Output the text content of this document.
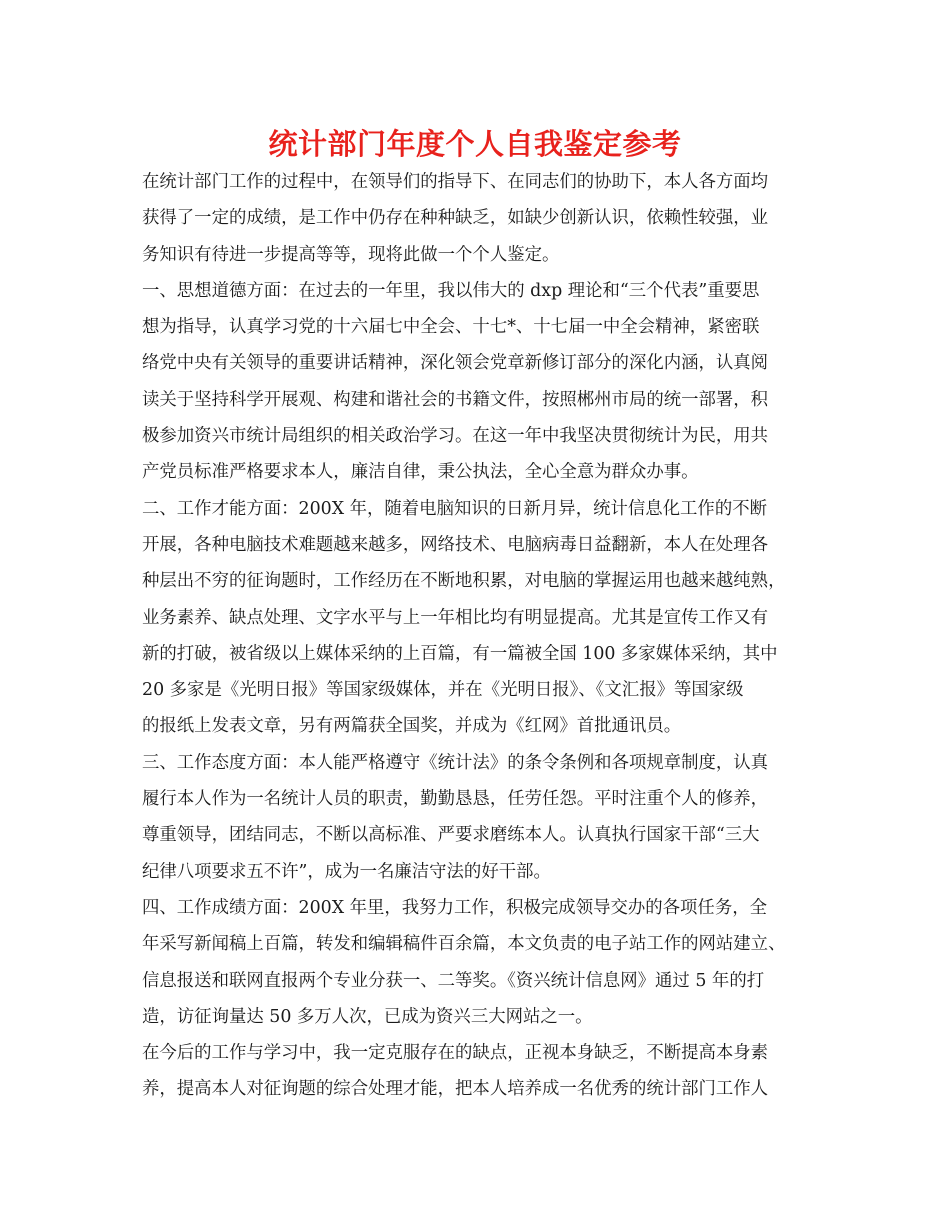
统计部门年度个人自我鉴定参考
在统计部门工作的过程中，在领导们的指导下、在同志们的协助下，本人各方面均
获得了一定的成绩，是工作中仍存在种种缺乏，如缺少创新认识，依赖性较强，业
务知识有待进一步提高等等，现将此做一个个人鉴定。
一、思想道德方面：在过去的一年里，我以伟大的 dxp 理论和“三个代表”重要思
想为指导，认真学习党的十六届七中全会、十七*、十七届一中全会精神，紧密联
络党中央有关领导的重要讲话精神，深化领会党章新修订部分的深化内涵，认真阅
读关于坚持科学开展观、构建和谐社会的书籍文件，按照郴州市局的统一部署，积
极参加资兴市统计局组织的相关政治学习。在这一年中我坚决贯彻统计为民，用共
产党员标准严格要求本人，廉洁自律，秉公执法，全心全意为群众办事。
二、工作才能方面：200X 年，随着电脑知识的日新月异，统计信息化工作的不断
开展，各种电脑技术难题越来越多，网络技术、电脑病毒日益翻新，本人在处理各
种层出不穷的征询题时，工作经历在不断地积累，对电脑的掌握运用也越来越纯熟，
业务素养、缺点处理、文字水平与上一年相比均有明显提高。尤其是宣传工作又有
新的打破，被省级以上媒体采纳的上百篇，有一篇被全国 100 多家媒体采纳，其中
20 多家是《光明日报》等国家级媒体，并在《光明日报》、《文汇报》等国家级
的报纸上发表文章，另有两篇获全国奖，并成为《红网》首批通讯员。
三、工作态度方面：本人能严格遵守《统计法》的条令条例和各项规章制度，认真
履行本人作为一名统计人员的职责，勤勤恳恳，任劳任怨。平时注重个人的修养，
尊重领导，团结同志，不断以高标准、严要求磨练本人。认真执行国家干部“三大
纪律八项要求五不许”，成为一名廉洁守法的好干部。
四、工作成绩方面：200X 年里，我努力工作，积极完成领导交办的各项任务，全
年采写新闻稿上百篇，转发和编辑稿件百余篇，本文负责的电子站工作的网站建立、
信息报送和联网直报两个专业分获一、二等奖。《资兴统计信息网》通过 5 年的打
造，访征询量达 50 多万人次，已成为资兴三大网站之一。
在今后的工作与学习中，我一定克服存在的缺点，正视本身缺乏，不断提高本身素
养，提高本人对征询题的综合处理才能，把本人培养成一名优秀的统计部门工作人
